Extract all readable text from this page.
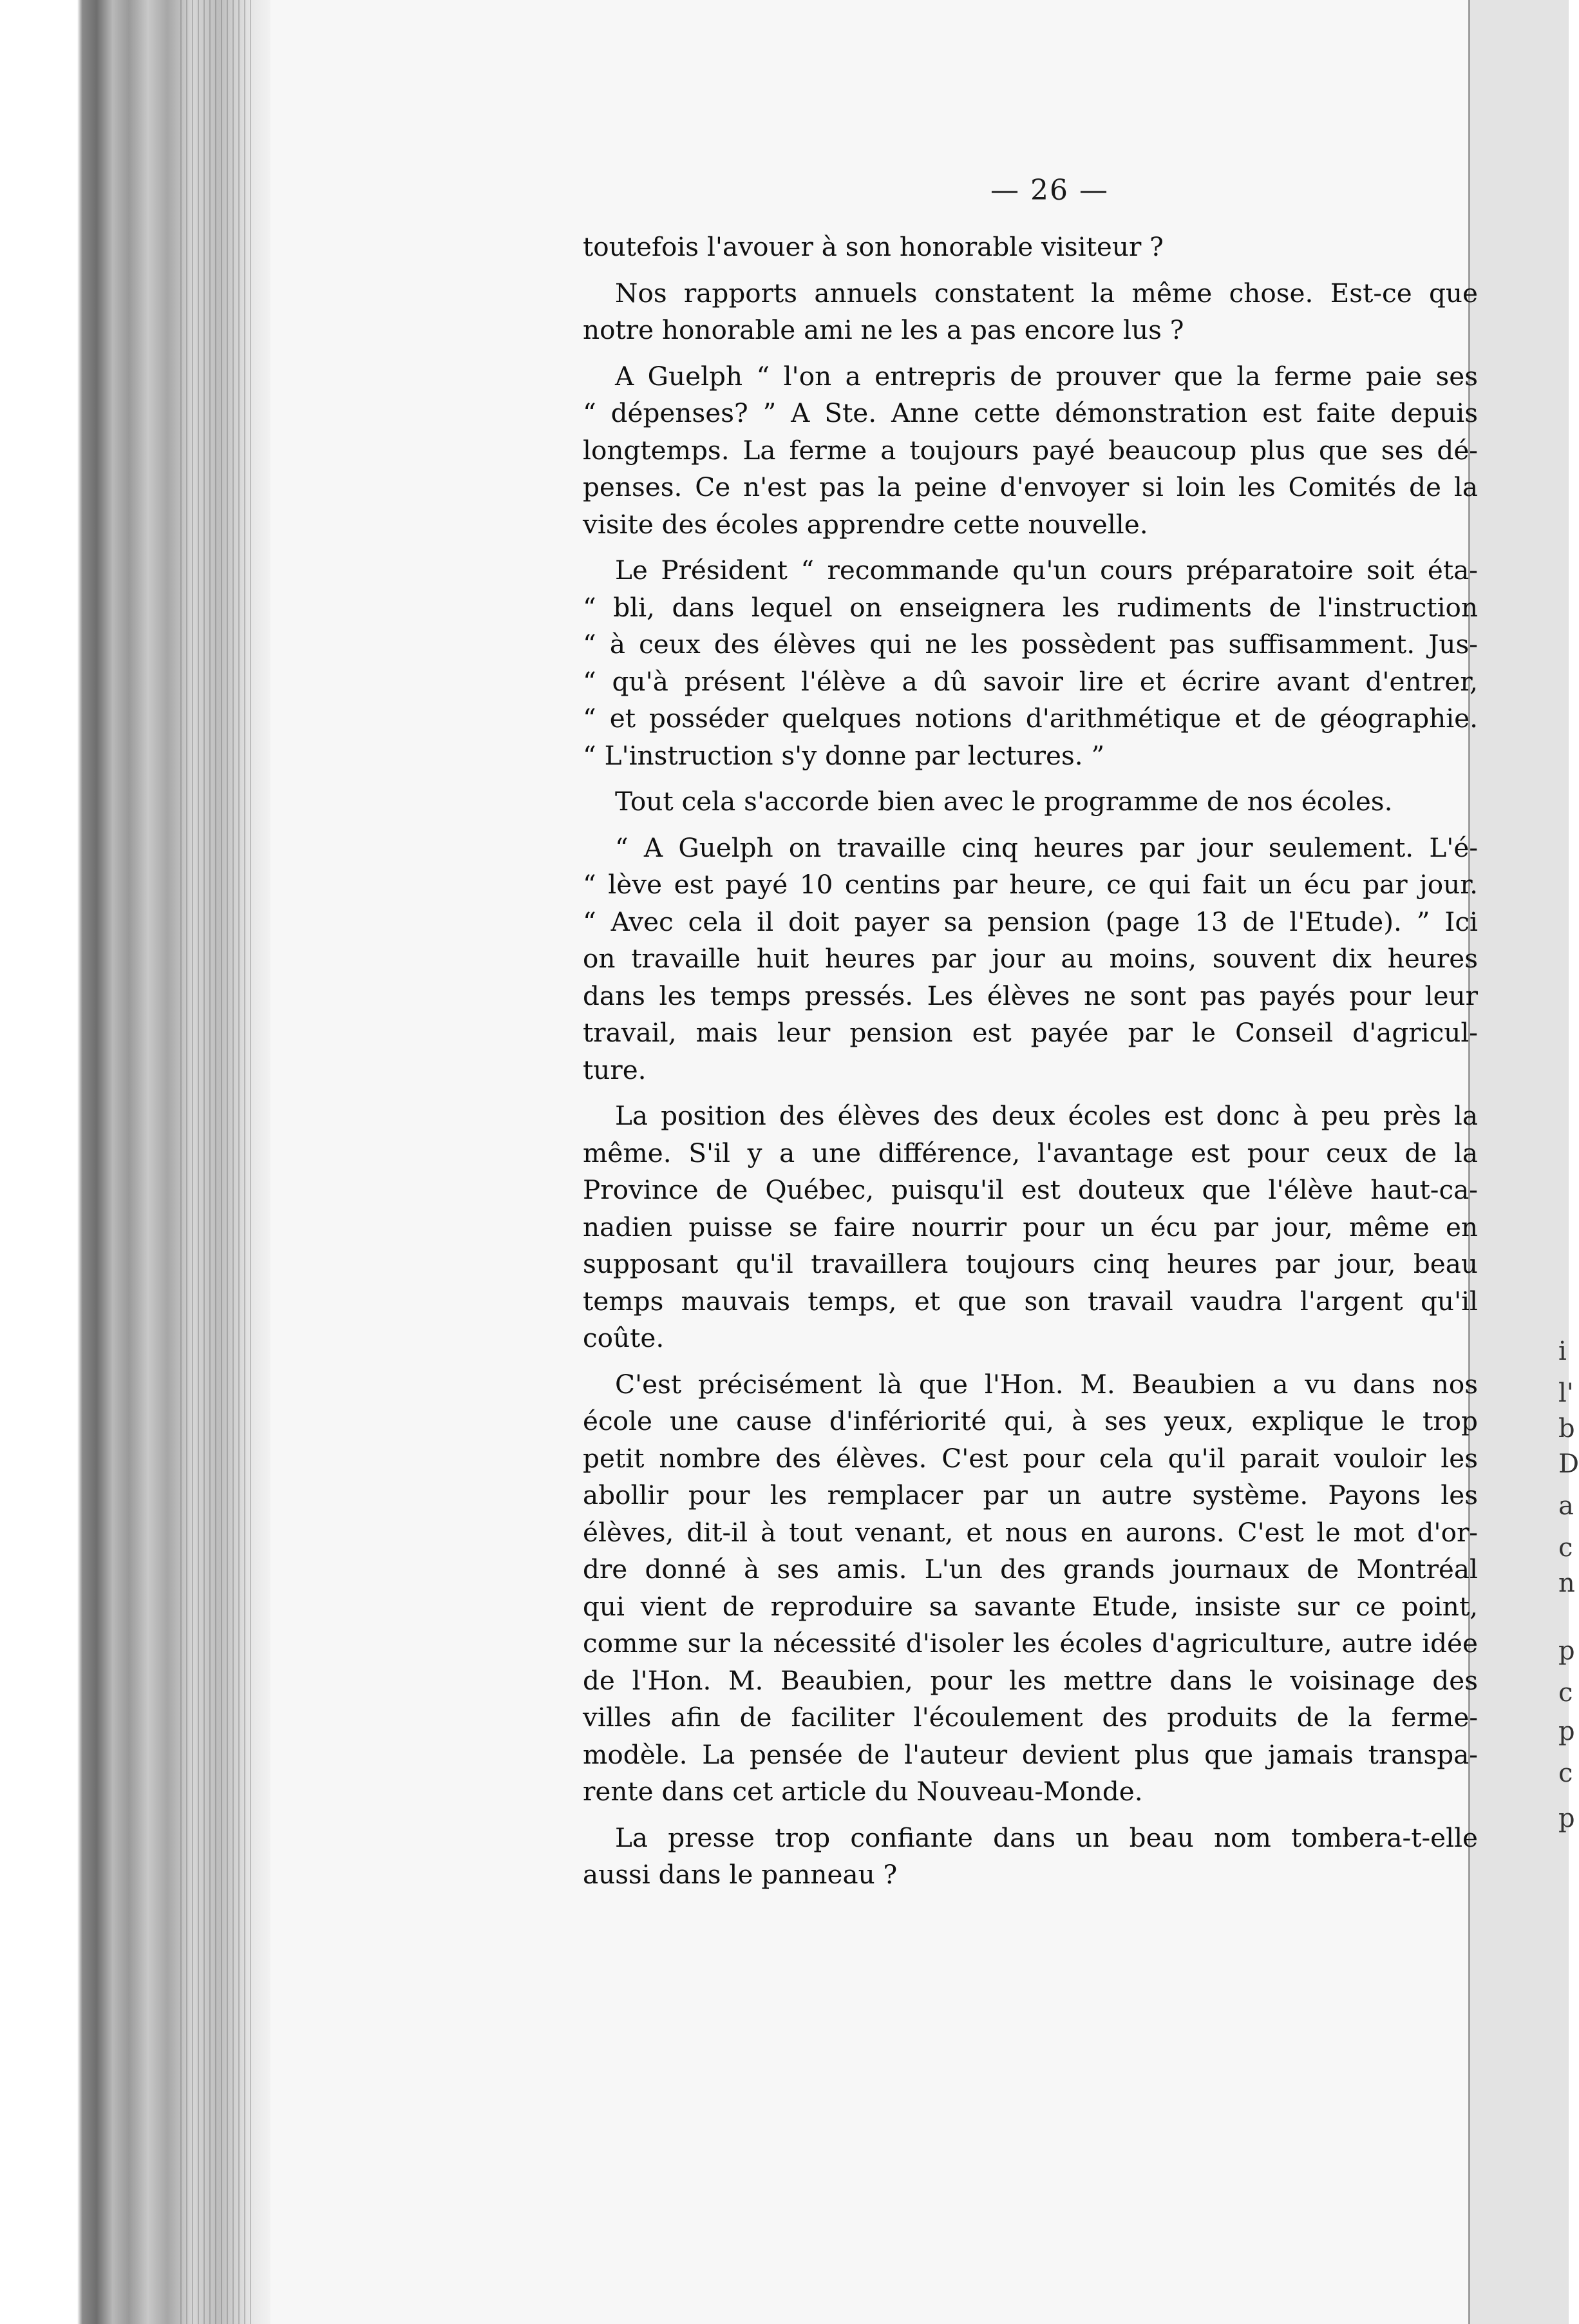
— 26 —
toutefois l'avouer à son honorable visiteur ?
Nos rapports annuels constatent la même chose. Est-ce que
notre honorable ami ne les a pas encore lus ?
A Guelph “ l'on a entrepris de prouver que la ferme paie ses
“ dépenses? ” A Ste. Anne cette démonstration est faite depuis
longtemps. La ferme a toujours payé beaucoup plus que ses dé-
penses. Ce n'est pas la peine d'envoyer si loin les Comités de la
visite des écoles apprendre cette nouvelle.
Le Président “ recommande qu'un cours préparatoire soit éta-
“ bli, dans lequel on enseignera les rudiments de l'instruction
“ à ceux des élèves qui ne les possèdent pas suffisamment. Jus-
“ qu'à présent l'élève a dû savoir lire et écrire avant d'entrer,
“ et posséder quelques notions d'arithmétique et de géographie.
“ L'instruction s'y donne par lectures. ”
Tout cela s'accorde bien avec le programme de nos écoles.
“ A Guelph on travaille cinq heures par jour seulement. L'é-
“ lève est payé 10 centins par heure, ce qui fait un écu par jour.
“ Avec cela il doit payer sa pension (page 13 de l'Etude). ” Ici
on travaille huit heures par jour au moins, souvent dix heures
dans les temps pressés. Les élèves ne sont pas payés pour leur
travail, mais leur pension est payée par le Conseil d'agricul-
ture.
La position des élèves des deux écoles est donc à peu près la
même. S'il y a une différence, l'avantage est pour ceux de la
Province de Québec, puisqu'il est douteux que l'élève haut-ca-
nadien puisse se faire nourrir pour un écu par jour, même en
supposant qu'il travaillera toujours cinq heures par jour, beau
temps mauvais temps, et que son travail vaudra l'argent qu'il
coûte.
C'est précisément là que l'Hon. M. Beaubien a vu dans nos
école une cause d'infériorité qui, à ses yeux, explique le trop
petit nombre des élèves. C'est pour cela qu'il parait vouloir les
abollir pour les remplacer par un autre système. Payons les
élèves, dit-il à tout venant, et nous en aurons. C'est le mot d'or-
dre donné à ses amis. L'un des grands journaux de Montréal
qui vient de reproduire sa savante Etude, insiste sur ce point,
comme sur la nécessité d'isoler les écoles d'agriculture, autre idée
de l'Hon. M. Beaubien, pour les mettre dans le voisinage des
villes afin de faciliter l'écoulement des produits de la ferme-
modèle. La pensée de l'auteur devient plus que jamais transpa-
rente dans cet article du Nouveau-Monde.
La presse trop confiante dans un beau nom tombera-t-elle
aussi dans le panneau ?
i
l'
b
D
a
c
n
p
c
p
c
p
